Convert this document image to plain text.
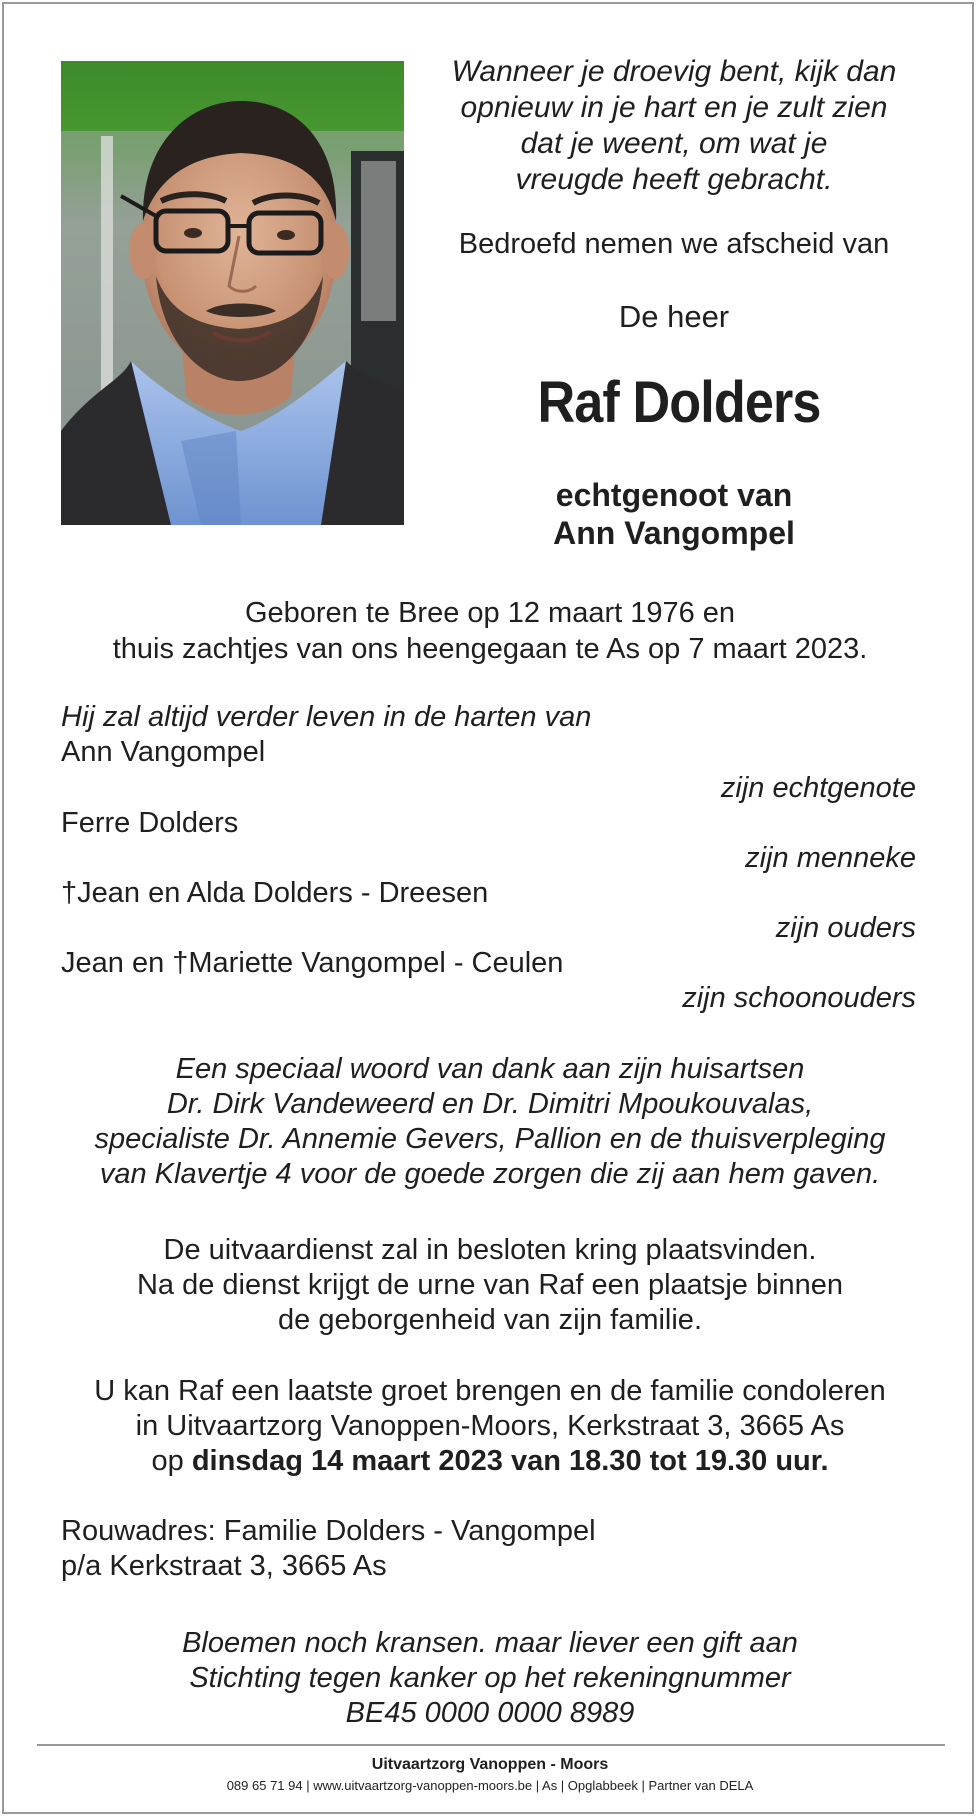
Wanneer je droevig bent, kijk dan
opnieuw in je hart en je zult zien
dat je weent, om wat je
vreugde heeft gebracht.
Bedroefd nemen we afscheid van
De heer
Raf Dolders
echtgenoot van
Ann Vangompel
Geboren te Bree op 12 maart 1976 en
thuis zachtjes van ons heengegaan te As op 7 maart 2023.
Hij zal altijd verder leven in de harten van
Ann Vangompel
zijn echtgenote
Ferre Dolders
zijn menneke
†Jean en Alda Dolders - Dreesen
zijn ouders
Jean en †Mariette Vangompel - Ceulen
zijn schoonouders
Een speciaal woord van dank aan zijn huisartsen
Dr. Dirk Vandeweerd en Dr. Dimitri Mpoukouvalas,
specialiste Dr. Annemie Gevers, Pallion en de thuisverpleging
van Klavertje 4 voor de goede zorgen die zij aan hem gaven.
De uitvaardienst zal in besloten kring plaatsvinden.
Na de dienst krijgt de urne van Raf een plaatsje binnen
de geborgenheid van zijn familie.
U kan Raf een laatste groet brengen en de familie condoleren
in Uitvaartzorg Vanoppen-Moors, Kerkstraat 3, 3665 As
op dinsdag 14 maart 2023 van 18.30 tot 19.30 uur.
Rouwadres: Familie Dolders - Vangompel
p/a Kerkstraat 3, 3665 As
Bloemen noch kransen. maar liever een gift aan
Stichting tegen kanker op het rekeningnummer
BE45 0000 0000 8989
Uitvaartzorg Vanoppen - Moors
089 65 71 94 | www.uitvaartzorg-vanoppen-moors.be | As | Opglabbeek | Partner van DELA
